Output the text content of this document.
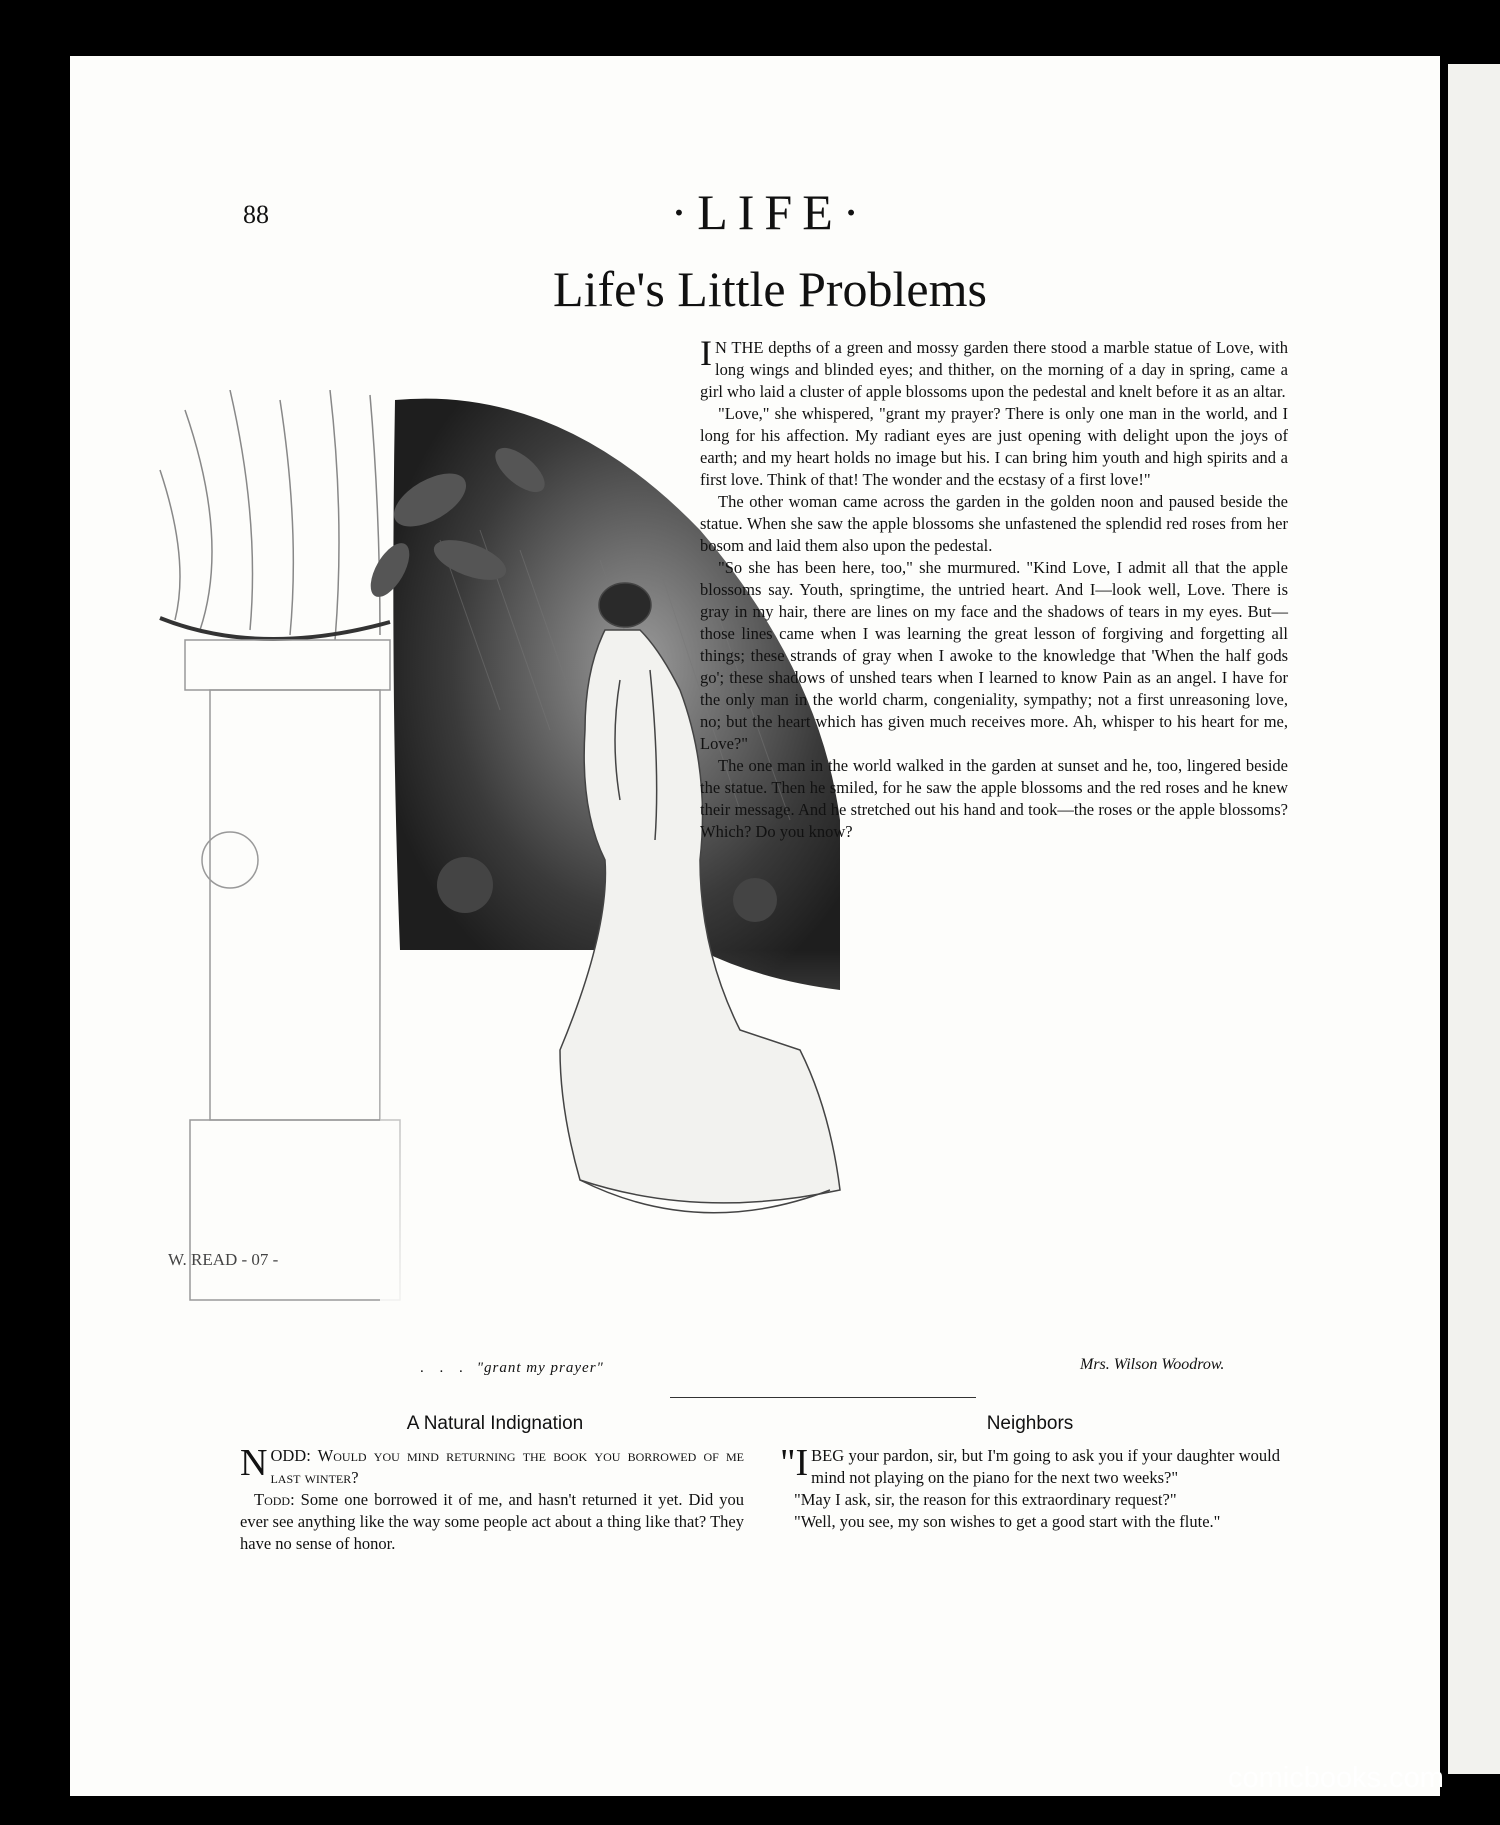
88	·LIFE·
Life's Little Problems
W. READ - 07 -
. . . "grant my prayer"

I N THE depths of a green and mossy garden there stood a marble statue of Love, with long wings and blinded eyes; and thither, on the morning of a day in spring, came a girl who laid a cluster of apple blossoms upon the pedestal and knelt before it as an altar.

"Love," she whispered, "grant my prayer? There is only one man in the world, and I long for his affection. My radiant eyes are just opening with delight upon the joys of earth; and my heart holds no image but his. I can bring him youth and high spirits and a first love. Think of that! The wonder and the ecstasy of a first love!"

The other woman came across the garden in the golden noon and paused beside the statue. When she saw the apple blossoms she unfastened the splendid red roses from her bosom and laid them also upon the pedestal.

"So she has been here, too," she murmured. "Kind Love, I admit all that the apple blossoms say. Youth, springtime, the untried heart. And I—look well, Love. There is gray in my hair, there are lines on my face and the shadows of tears in my eyes. But—those lines came when I was learning the great lesson of forgiving and forgetting all things; these strands of gray when I awoke to the knowledge that 'When the half gods go'; these shadows of unshed tears when I learned to know Pain as an angel. I have for the only man in the world charm, congeniality, sympathy; not a first unreasoning love, no; but the heart which has given much receives more. Ah, whisper to his heart for me, Love?"

The one man in the world walked in the garden at sunset and he, too, lingered beside the statue. Then he smiled, for he saw the apple blossoms and the red roses and he knew their message. And he stretched out his hand and took—the roses or the apple blossoms? Which? Do you know?

Mrs. Wilson Woodrow.
A Natural Indignation

NODD: Would you mind returning the book you borrowed of me last winter?

Todd: Some one borrowed it of me, and hasn't returned it yet. Did you ever see anything like the way some people act about a thing like that? They have no sense of honor.

Neighbors

"I BEG your pardon, sir, but I'm going to ask you if your daughter would mind not playing on the piano for the next two weeks?"

"May I ask, sir, the reason for this extraordinary request?"

"Well, you see, my son wishes to get a good start with the flute."

comicbooks.com
